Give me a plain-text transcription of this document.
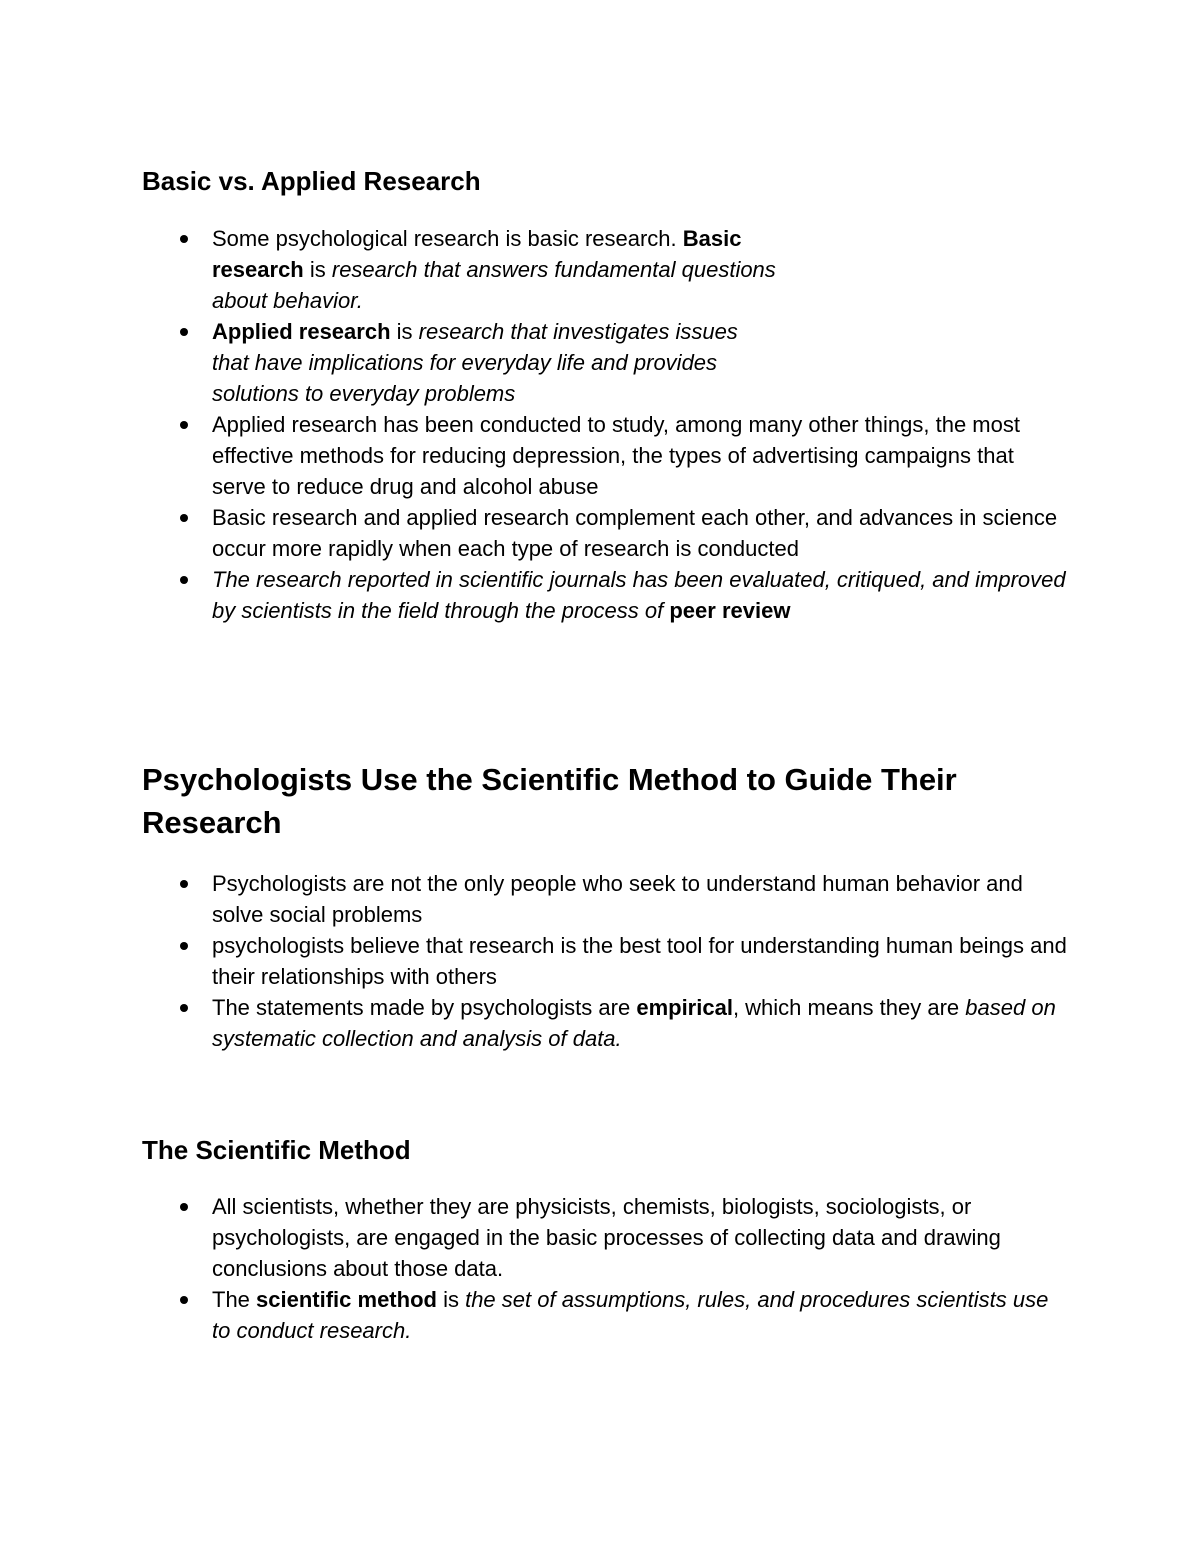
Basic vs. Applied Research
Some psychological research is basic research. Basic research is research that answers fundamental questions about behavior.
Applied research is research that investigates issues that have implications for everyday life and provides solutions to everyday problems
Applied research has been conducted to study, among many other things, the most effective methods for reducing depression, the types of advertising campaigns that serve to reduce drug and alcohol abuse
Basic research and applied research complement each other, and advances in science occur more rapidly when each type of research is conducted
The research reported in scientific journals has been evaluated, critiqued, and improved by scientists in the field through the process of peer review
Psychologists Use the Scientific Method to Guide Their Research
Psychologists are not the only people who seek to understand human behavior and solve social problems
psychologists believe that research is the best tool for understanding human beings and their relationships with others
The statements made by psychologists are empirical, which means they are based on systematic collection and analysis of data.
The Scientific Method
All scientists, whether they are physicists, chemists, biologists, sociologists, or psychologists, are engaged in the basic processes of collecting data and drawing conclusions about those data.
The scientific method is the set of assumptions, rules, and procedures scientists use to conduct research.
